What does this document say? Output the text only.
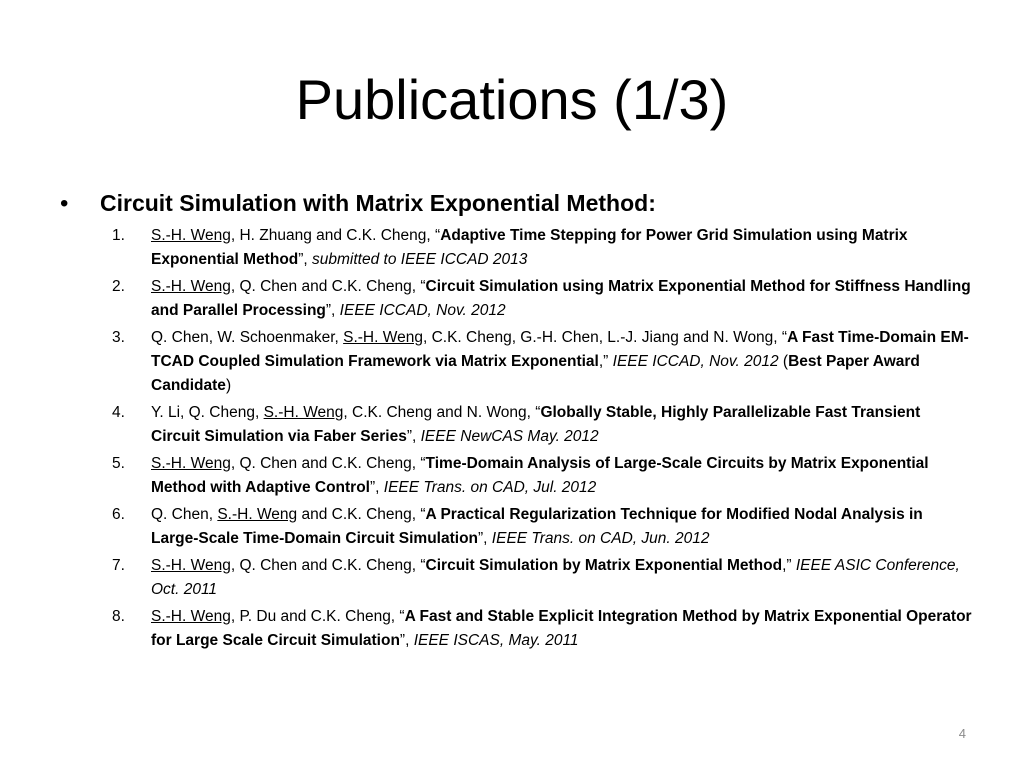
Publications (1/3)
•	Circuit Simulation with Matrix Exponential Method:
1.	S.-H. Weng, H. Zhuang and C.K. Cheng, “Adaptive Time Stepping for Power Grid Simulation using Matrix Exponential Method”, submitted to IEEE ICCAD 2013
2.	S.-H. Weng, Q. Chen and C.K. Cheng, “Circuit Simulation using Matrix Exponential Method for Stiffness Handling and Parallel Processing”, IEEE ICCAD, Nov. 2012
3.	Q. Chen, W. Schoenmaker, S.-H. Weng, C.K. Cheng, G.-H. Chen, L.-J. Jiang and N. Wong, “A Fast Time-Domain EM-TCAD Coupled Simulation Framework via Matrix Exponential,” IEEE ICCAD, Nov. 2012 (Best Paper Award Candidate)
4.	Y. Li, Q. Cheng, S.-H. Weng, C.K. Cheng and N. Wong, “Globally Stable, Highly Parallelizable Fast Transient Circuit Simulation via Faber Series”, IEEE NewCAS May. 2012
5.	S.-H. Weng, Q. Chen and C.K. Cheng, “Time-Domain Analysis of Large-Scale Circuits by Matrix Exponential Method with Adaptive Control”, IEEE Trans. on CAD, Jul. 2012
6.	Q. Chen, S.-H. Weng and C.K. Cheng, “A Practical Regularization Technique for Modified Nodal Analysis in Large-Scale Time-Domain Circuit Simulation”, IEEE Trans. on CAD, Jun. 2012
7.	S.-H. Weng, Q. Chen and C.K. Cheng, “Circuit Simulation by Matrix Exponential Method,” IEEE ASIC Conference, Oct. 2011
8.	S.-H. Weng, P. Du and C.K. Cheng, “A Fast and Stable Explicit Integration Method by Matrix Exponential Operator for Large Scale Circuit Simulation”, IEEE ISCAS, May. 2011
4
